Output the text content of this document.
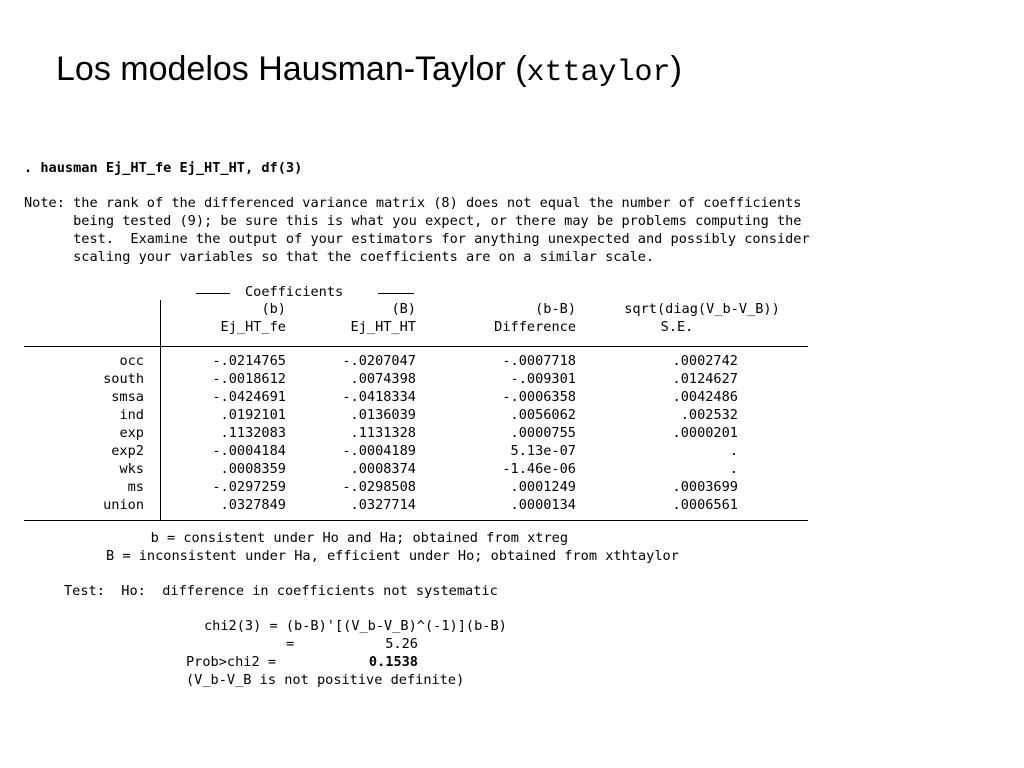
Los modelos Hausman-Taylor (xttaylor)
. hausman Ej_HT_fe Ej_HT_HT, df(3)
Note: the rank of the differenced variance matrix (8) does not equal the number of coefficients
being tested (9); be sure this is what you expect, or there may be problems computing the
test.  Examine the output of your estimators for anything unexpected and possibly consider
scaling your variables so that the coefficients are on a similar scale.
Coefficients
(b)	(B)	(b-B)	sqrt(diag(V_b-V_B))
Ej_HT_fe	Ej_HT_HT	Difference	S.E.
occ	-.0214765	-.0207047	-.0007718	.0002742
south	-.0018612	.0074398	-.009301	.0124627
smsa	-.0424691	-.0418334	-.0006358	.0042486
ind	.0192101	.0136039	.0056062	.002532
exp	.1132083	.1131328	.0000755	.0000201
exp2	-.0004184	-.0004189	5.13e-07	.
wks	.0008359	.0008374	-1.46e-06	.
ms	-.0297259	-.0298508	.0001249	.0003699
union	.0327849	.0327714	.0000134	.0006561
b = consistent under Ho and Ha; obtained from xtreg
B = inconsistent under Ha, efficient under Ho; obtained from xthtaylor
Test:  Ho:  difference in coefficients not systematic
chi2(3) = (b-B)'[(V_b-V_B)^(-1)](b-B)
=	5.26
Prob>chi2 =	0.1538
(V_b-V_B is not positive definite)
